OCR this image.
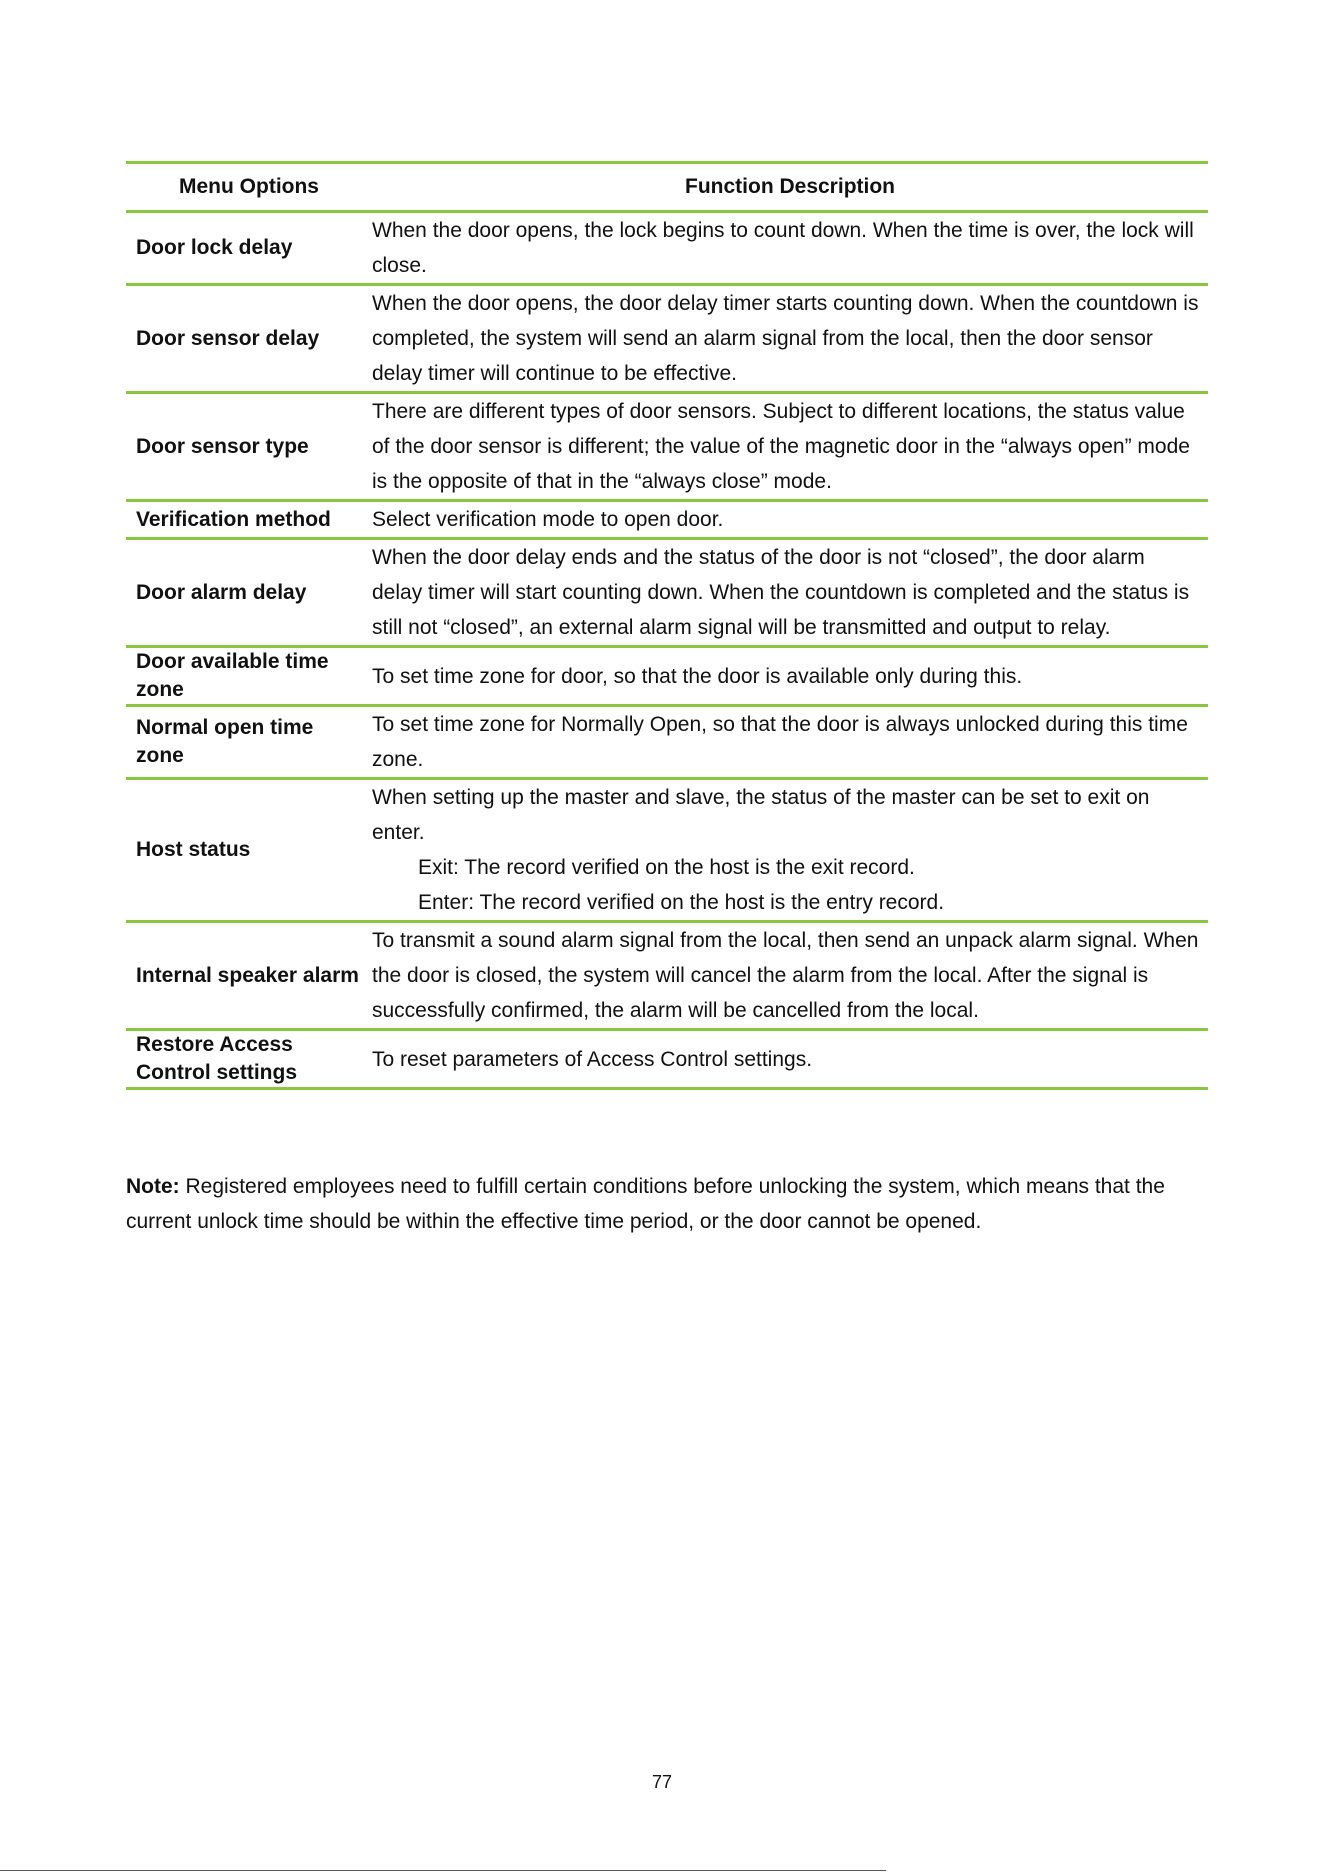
Menu Options	Function Description
Door lock delay	When the door opens, the lock begins to count down. When the time is over, the lock will close.

Door sensor delay	When the door opens, the door delay timer starts counting down. When the countdown is completed, the system will send an alarm signal from the local, then the door sensor delay timer will continue to be effective.

Door sensor type	There are different types of door sensors. Subject to different locations, the status value of the door sensor is different; the value of the magnetic door in the “always open” mode is the opposite of that in the “always close” mode.

Verification method	Select verification mode to open door.

Door alarm delay	When the door delay ends and the status of the door is not “closed”, the door alarm delay timer will start counting down. When the countdown is completed and the status is still not “closed”, an external alarm signal will be transmitted and output to relay.

Door available time zone	To set time zone for door, so that the door is available only during this.

Normal open time zone	To set time zone for Normally Open, so that the door is always unlocked during this time zone.

Host status	When setting up the master and slave, the status of the master can be set to exit on enter.
Exit: The record verified on the host is the exit record.
Enter: The record verified on the host is the entry record.

Internal speaker alarm	To transmit a sound alarm signal from the local, then send an unpack alarm signal. When the door is closed, the system will cancel the alarm from the local. After the signal is successfully confirmed, the alarm will be cancelled from the local.

Restore Access Control settings	To reset parameters of Access Control settings.

Note: Registered employees need to fulfill certain conditions before unlocking the system, which means that the current unlock time should be within the effective time period, or the door cannot be opened.

77
